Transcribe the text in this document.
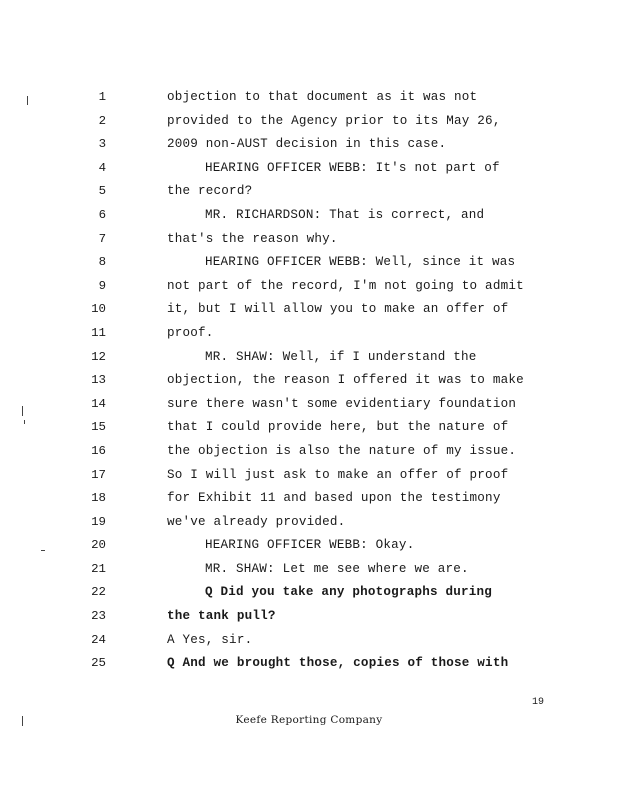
1	objection to that document as it was not
2	provided to the Agency prior to its May 26,
3	2009 non-AUST decision in this case.
4	HEARING OFFICER WEBB: It's not part of
5	the record?
6	MR. RICHARDSON: That is correct, and
7	that's the reason why.
8	HEARING OFFICER WEBB: Well, since it was
9	not part of the record, I'm not going to admit
10	it, but I will allow you to make an offer of
11	proof.
12	MR. SHAW: Well, if I understand the
13	objection, the reason I offered it was to make
14	sure there wasn't some evidentiary foundation
15	that I could provide here, but the nature of
16	the objection is also the nature of my issue.
17	So I will just ask to make an offer of proof
18	for Exhibit 11 and based upon the testimony
19	we've already provided.
20	HEARING OFFICER WEBB: Okay.
21	MR. SHAW: Let me see where we are.
22	Q Did you take any photographs during
23	the tank pull?
24	A Yes, sir.
25	Q And we brought those, copies of those with
19
Keefe Reporting Company
